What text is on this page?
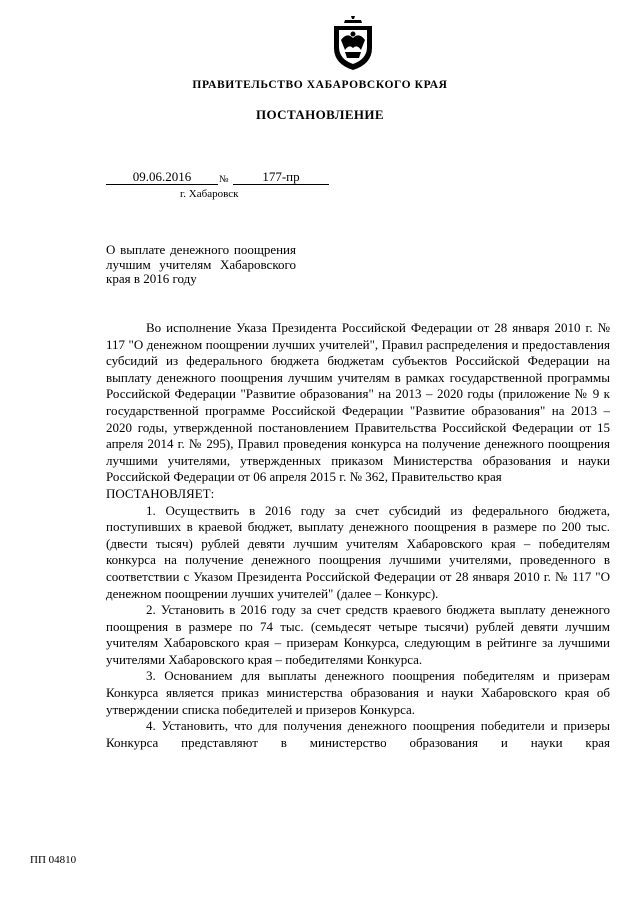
ПРАВИТЕЛЬСТВО ХАБАРОВСКОГО КРАЯ
ПОСТАНОВЛЕНИЕ
09.06.2016	№	177-пр
г. Хабаровск
О выплате денежного поощрения лучшим учителям Хабаровского края в 2016 году

Во исполнение Указа Президента Российской Федерации от 28 января 2010 г. № 117 "О денежном поощрении лучших учителей", Правил распределения и предоставления субсидий из федерального бюджета бюджетам субъектов Российской Федерации на выплату денежного поощрения лучшим учителям в рамках государственной программы Российской Федерации "Развитие образования" на 2013 – 2020 годы (приложение № 9 к государственной программе Российской Федерации "Развитие образования" на 2013 – 2020 годы, утвержденной постановлением Правительства Российской Федерации от 15 апреля 2014 г. № 295), Правил проведения конкурса на получение денежного поощрения лучшими учителями, утвержденных приказом Министерства образования и науки Российской Федерации от 06 апреля 2015 г. № 362, Правительство края

ПОСТАНОВЛЯЕТ:

1. Осуществить в 2016 году за счет субсидий из федерального бюджета, поступивших в краевой бюджет, выплату денежного поощрения в размере по 200 тыс. (двести тысяч) рублей девяти лучшим учителям Хабаровского края – победителям конкурса на получение денежного поощрения лучшими учителями, проведенного в соответствии с Указом Президента Российской Федерации от 28 января 2010 г. № 117 "О денежном поощрении лучших учителей" (далее – Конкурс).

2. Установить в 2016 году за счет средств краевого бюджета выплату денежного поощрения в размере по 74 тыс. (семьдесят четыре тысячи) рублей девяти лучшим учителям Хабаровского края – призерам Конкурса, следующим в рейтинге за лучшими учителями Хабаровского края – победителями Конкурса.

3. Основанием для выплаты денежного поощрения победителям и призерам Конкурса является приказ министерства образования и науки Хабаровского края об утверждении списка победителей и призеров Конкурса.

4. Установить, что для получения денежного поощрения победители и призеры Конкурса представляют в министерство образования и науки края

ПП 04810
